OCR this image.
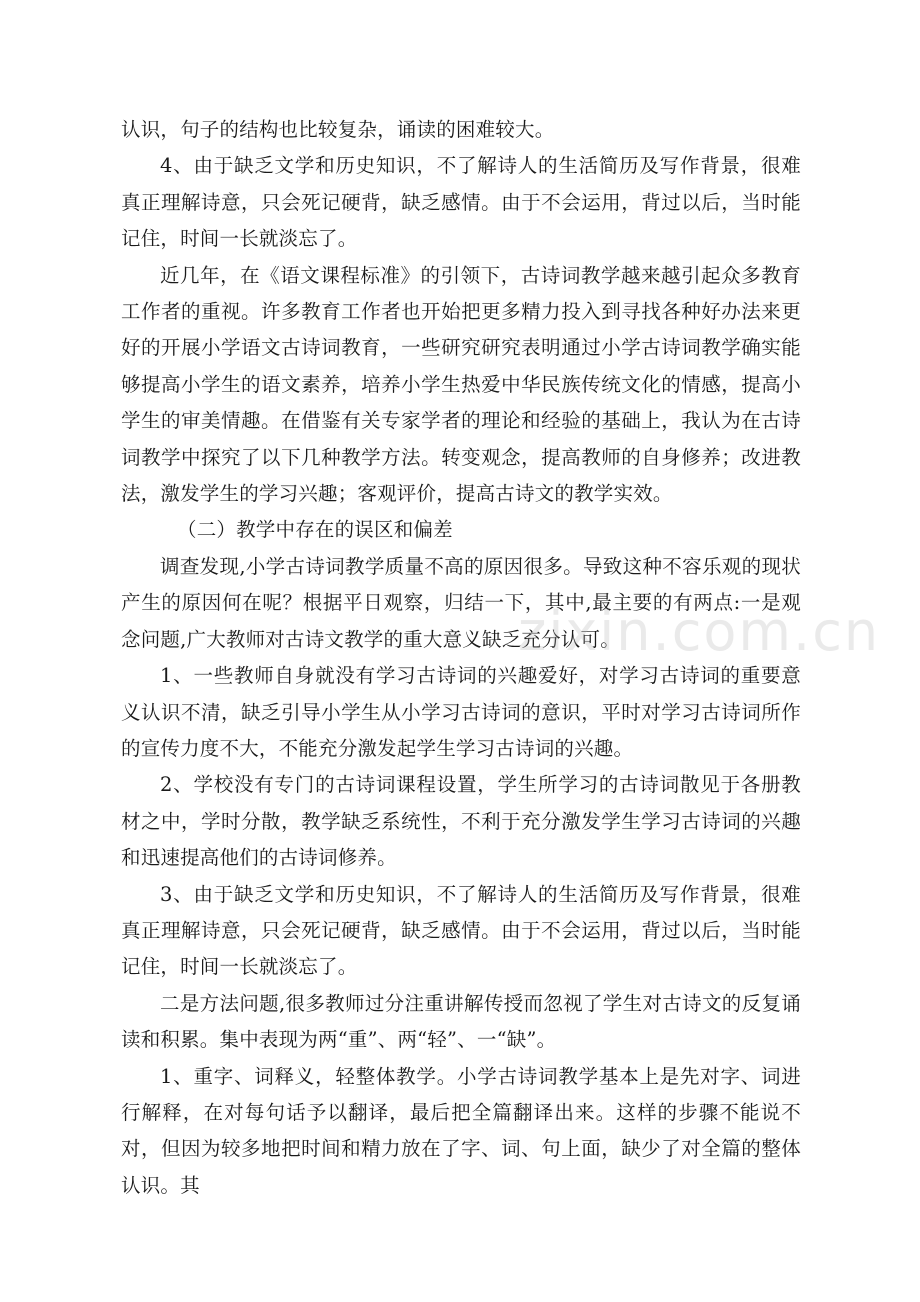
认识，句子的结构也比较复杂，诵读的困难较大。

4、由于缺乏文学和历史知识，不了解诗人的生活简历及写作背景，很难真正理解诗意，只会死记硬背，缺乏感情。由于不会运用，背过以后，当时能记住，时间一长就淡忘了。

近几年，在《语文课程标准》的引领下，古诗词教学越来越引起众多教育工作者的重视。许多教育工作者也开始把更多精力投入到寻找各种好办法来更好的开展小学语文古诗词教育，一些研究研究表明通过小学古诗词教学确实能够提高小学生的语文素养，培养小学生热爱中华民族传统文化的情感，提高小学生的审美情趣。在借鉴有关专家学者的理论和经验的基础上，我认为在古诗词教学中探究了以下几种教学方法。转变观念，提高教师的自身修养；改进教法，激发学生的学习兴趣；客观评价，提高古诗文的教学实效。

（二）教学中存在的误区和偏差

调查发现,小学古诗词教学质量不高的原因很多。导致这种不容乐观的现状产生的原因何在呢？根据平日观察，归结一下，其中,最主要的有两点:一是观念问题,广大教师对古诗文教学的重大意义缺乏充分认可。

1、一些教师自身就没有学习古诗词的兴趣爱好，对学习古诗词的重要意义认识不清，缺乏引导小学生从小学习古诗词的意识，平时对学习古诗词所作的宣传力度不大，不能充分激发起学生学习古诗词的兴趣。

2、学校没有专门的古诗词课程设置，学生所学习的古诗词散见于各册教材之中，学时分散，教学缺乏系统性，不利于充分激发学生学习古诗词的兴趣和迅速提高他们的古诗词修养。

3、由于缺乏文学和历史知识，不了解诗人的生活简历及写作背景，很难真正理解诗意，只会死记硬背，缺乏感情。由于不会运用，背过以后，当时能记住，时间一长就淡忘了。

二是方法问题,很多教师过分注重讲解传授而忽视了学生对古诗文的反复诵读和积累。集中表现为两“重”、两“轻”、一“缺”。

1、重字、词释义，轻整体教学。小学古诗词教学基本上是先对字、词进行解释，在对每句话予以翻译，最后把全篇翻译出来。这样的步骤不能说不对，但因为较多地把时间和精力放在了字、词、句上面，缺少了对全篇的整体认识。其

zixin.com.cn
